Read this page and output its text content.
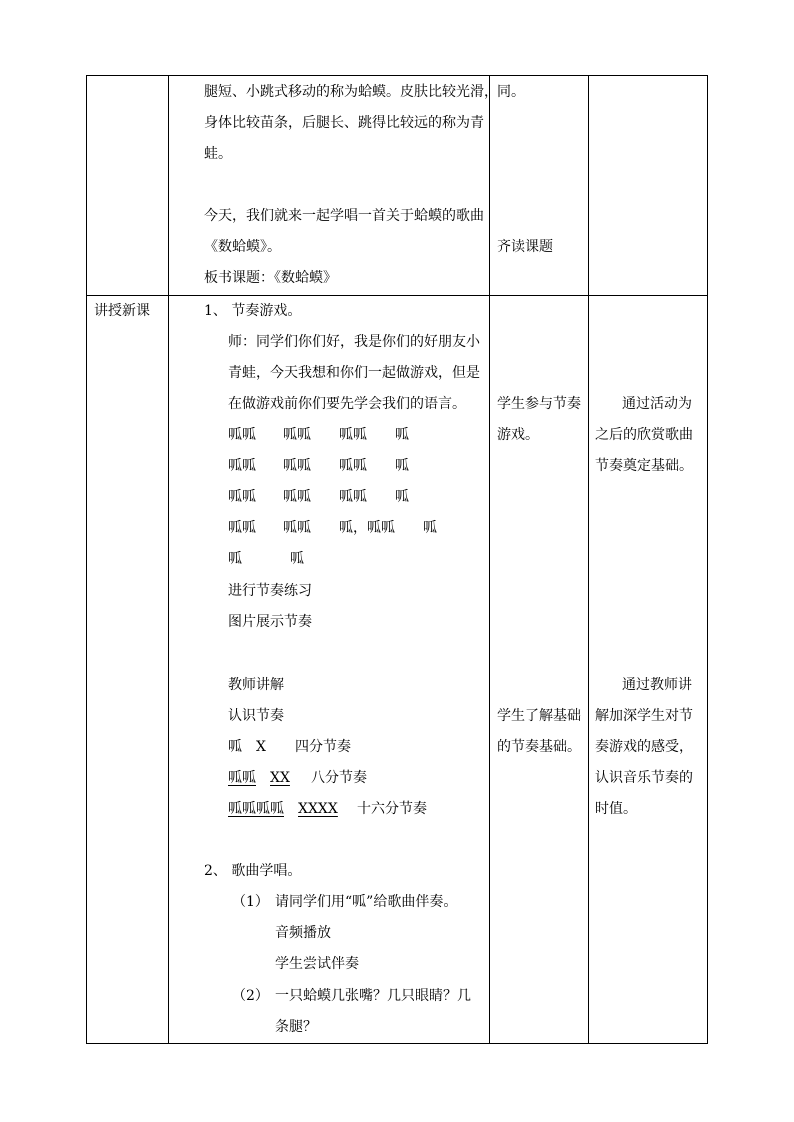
腿短、小跳式移动的称为蛤蟆。皮肤比较光滑，
身体比较苗条，后腿长、跳得比较远的称为青
蛙。
今天，我们就来一起学唱一首关于蛤蟆的歌曲
《数蛤蟆》。
板书课题：《数蛤蟆》
同。
齐读课题
讲授新课	1、 节奏游戏。
师：同学们你们好，我是你们的好朋友小
青蛙，今天我想和你们一起做游戏，但是
在做游戏前你们要先学会我们的语言。
呱呱 呱呱 呱呱 呱
呱呱 呱呱 呱呱 呱
呱呱 呱呱 呱呱 呱
呱呱 呱呱 呱，呱呱 呱
呱	呱
进行节奏练习
图片展示节奏
教师讲解
认识节奏
呱 X 四分节奏
呱呱 XX 八分节奏
呱呱呱呱 XXXX 十六分节奏
2、 歌曲学唱。
（1） 请同学们用“呱”给歌曲伴奏。
音频播放
学生尝试伴奏
（2） 一只蛤蟆几张嘴？几只眼睛？几
条腿？
学生参与节奏
游戏。
学生了解基础
的节奏基础。
通过活动为
之后的欣赏歌曲
节奏奠定基础。
通过教师讲
解加深学生对节
奏游戏的感受，
认识音乐节奏的
时值。
